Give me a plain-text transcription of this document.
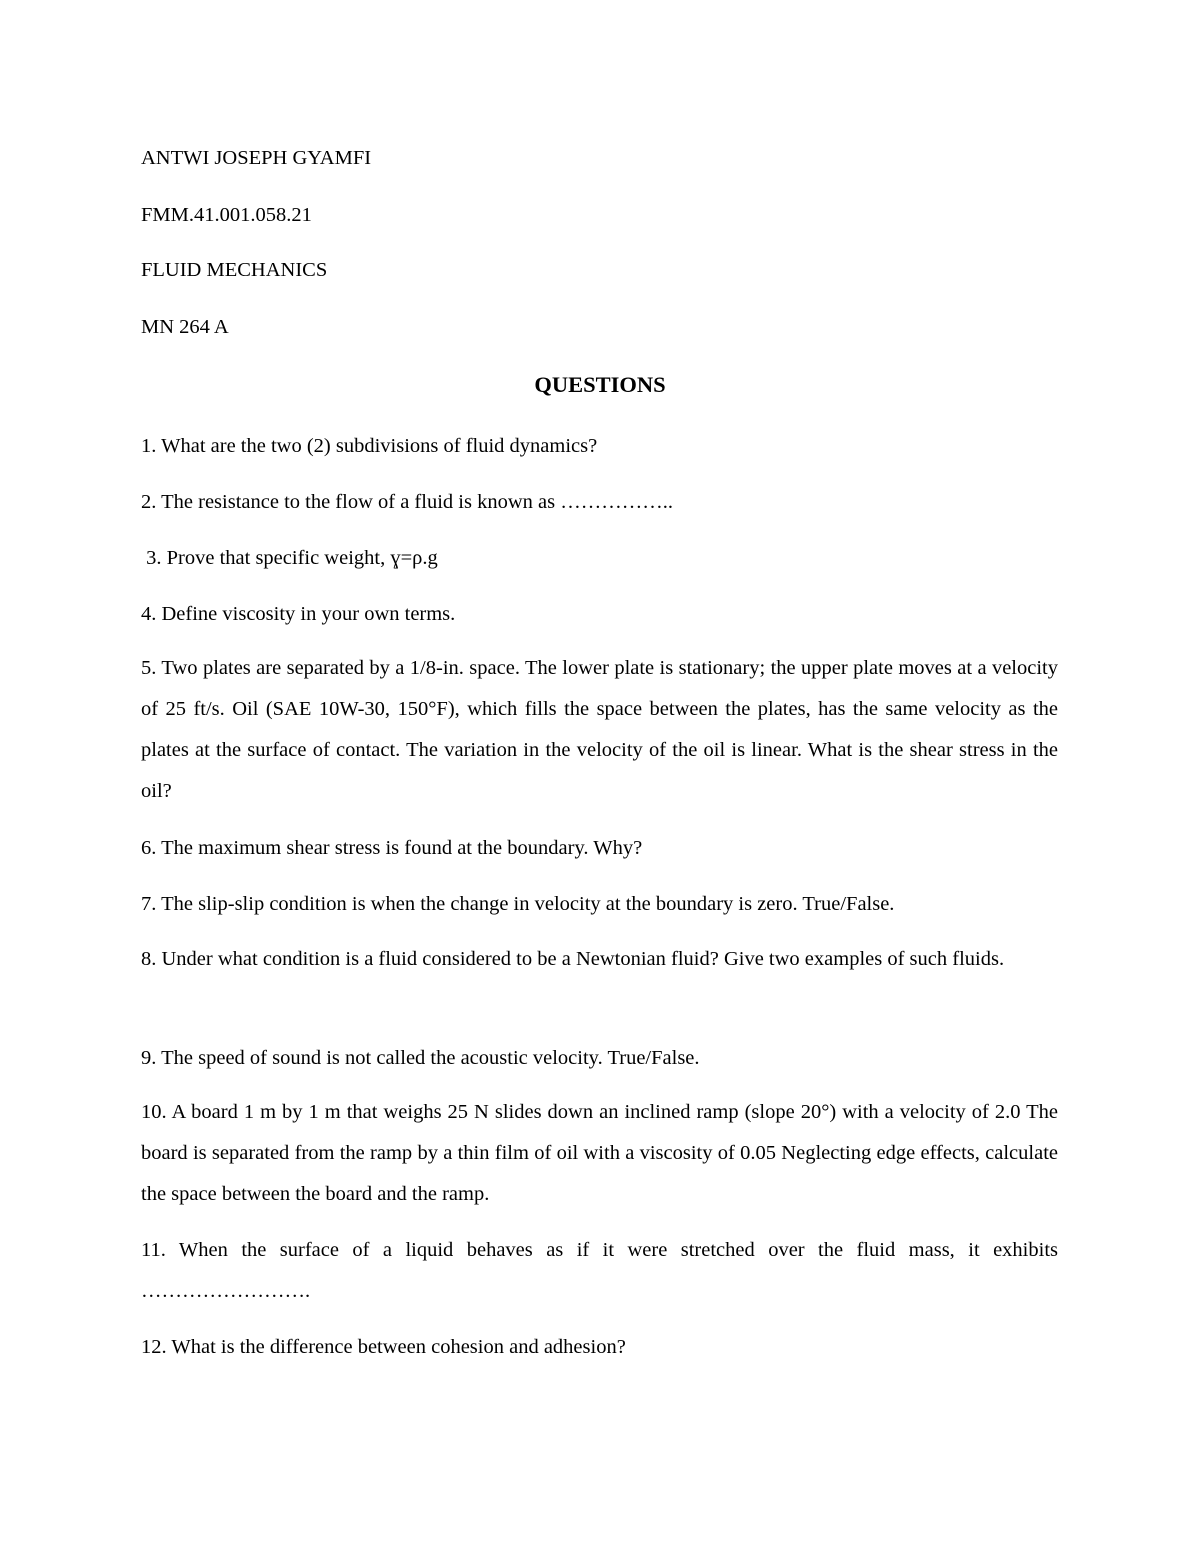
ANTWI JOSEPH GYAMFI
FMM.41.001.058.21
FLUID MECHANICS
MN 264 A
QUESTIONS
1. What are the two (2) subdivisions of fluid dynamics?
2. The resistance to the flow of a fluid is known as ……………..
3. Prove that specific weight, ɣ=ρ.g
4. Define viscosity in your own terms.
5. Two plates are separated by a 1/8-in. space. The lower plate is stationary; the upper plate moves at a velocity of 25 ft/s. Oil (SAE 10W-30, 150°F), which fills the space between the plates, has the same velocity as the plates at the surface of contact. The variation in the velocity of the oil is linear. What is the shear stress in the oil?
6. The maximum shear stress is found at the boundary. Why?
7. The slip-slip condition is when the change in velocity at the boundary is zero. True/False.
8. Under what condition is a fluid considered to be a Newtonian fluid? Give two examples of such fluids.
9. The speed of sound is not called the acoustic velocity. True/False.
10. A board 1 m by 1 m that weighs 25 N slides down an inclined ramp (slope 20°) with a velocity of 2.0 The board is separated from the ramp by a thin film of oil with a viscosity of 0.05 Neglecting edge effects, calculate the space between the board and the ramp.
11. When the surface of a liquid behaves as if it were stretched over the fluid mass, it exhibits …………………….
12. What is the difference between cohesion and adhesion?
